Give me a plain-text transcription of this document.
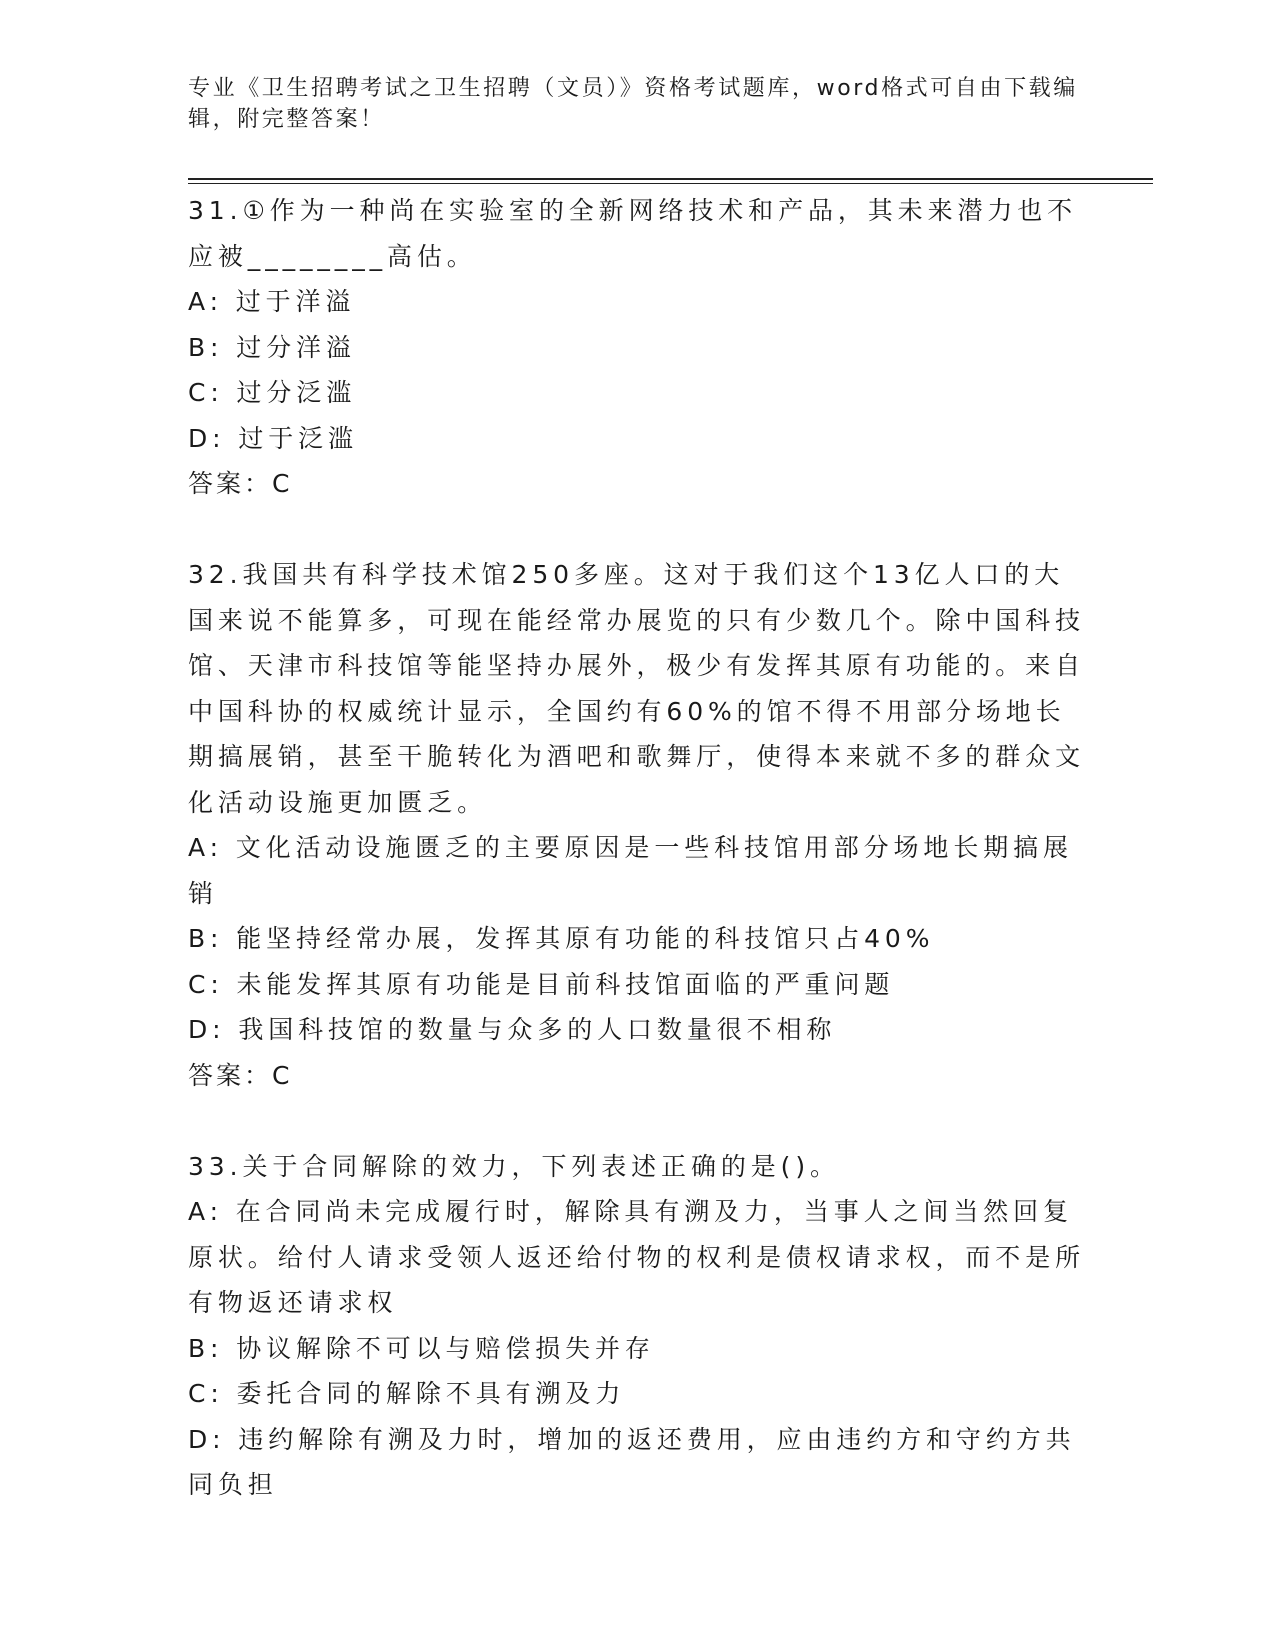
专业《卫生招聘考试之卫生招聘（文员）》资格考试题库，word格式可自由下载编辑，附完整答案！

31.①作为一种尚在实验室的全新网络技术和产品，其未来潜力也不应被________高估。

A: 过于洋溢

B: 过分洋溢

C: 过分泛滥

D: 过于泛滥

答案：C

32.我国共有科学技术馆250多座。这对于我们这个13亿人口的大国来说不能算多，可现在能经常办展览的只有少数几个。除中国科技馆、天津市科技馆等能坚持办展外，极少有发挥其原有功能的。来自中国科协的权威统计显示，全国约有60%的馆不得不用部分场地长期搞展销，甚至干脆转化为酒吧和歌舞厅，使得本来就不多的群众文化活动设施更加匮乏。

A: 文化活动设施匮乏的主要原因是一些科技馆用部分场地长期搞展销

B: 能坚持经常办展，发挥其原有功能的科技馆只占40%

C: 未能发挥其原有功能是目前科技馆面临的严重问题

D: 我国科技馆的数量与众多的人口数量很不相称

答案：C

33.关于合同解除的效力，下列表述正确的是()。

A: 在合同尚未完成履行时，解除具有溯及力，当事人之间当然回复原状。给付人请求受领人返还给付物的权利是债权请求权，而不是所有物返还请求权

B: 协议解除不可以与赔偿损失并存

C: 委托合同的解除不具有溯及力

D: 违约解除有溯及力时，增加的返还费用，应由违约方和守约方共同负担
